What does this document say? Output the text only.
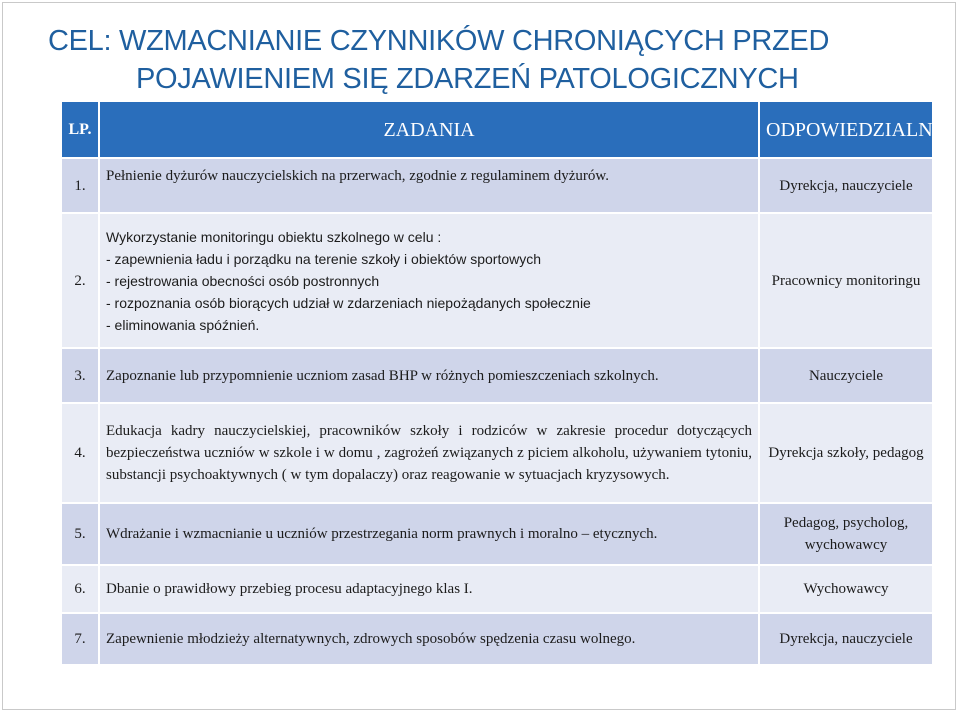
CEL: WZMACNIANIE CZYNNIKÓW CHRONIĄCYCH PRZED
POJAWIENIEM SIĘ ZDARZEŃ PATOLOGICZNYCH
LP.	ZADANIA	ODPOWIEDZIALNI
1.	Pełnienie dyżurów nauczycielskich na przerwach, zgodnie z regulaminem dyżurów.	Dyrekcja, nauczyciele
2.	Wykorzystanie monitoringu obiektu szkolnego w celu :
- zapewnienia ładu i porządku na terenie szkoły i obiektów sportowych
- rejestrowania obecności osób postronnych
- rozpoznania osób biorących udział w zdarzeniach niepożądanych społecznie
- eliminowania spóźnień.	Pracownicy monitoringu
3.	Zapoznanie lub przypomnienie uczniom zasad BHP w różnych pomieszczeniach szkolnych.	Nauczyciele
4.	Edukacja kadry nauczycielskiej, pracowników szkoły i rodziców w zakresie procedur dotyczących bezpieczeństwa uczniów w szkole i w domu , zagrożeń związanych z piciem alkoholu, używaniem tytoniu, substancji psychoaktywnych ( w tym dopalaczy) oraz reagowanie w sytuacjach kryzysowych.	Dyrekcja szkoły, pedagog
5.	Wdrażanie i wzmacnianie u uczniów przestrzegania norm prawnych i moralno – etycznych.	Pedagog, psycholog, wychowawcy
6.	Dbanie o prawidłowy przebieg procesu adaptacyjnego klas I.	Wychowawcy
7.	Zapewnienie młodzieży alternatywnych, zdrowych sposobów spędzenia czasu wolnego.	Dyrekcja, nauczyciele
